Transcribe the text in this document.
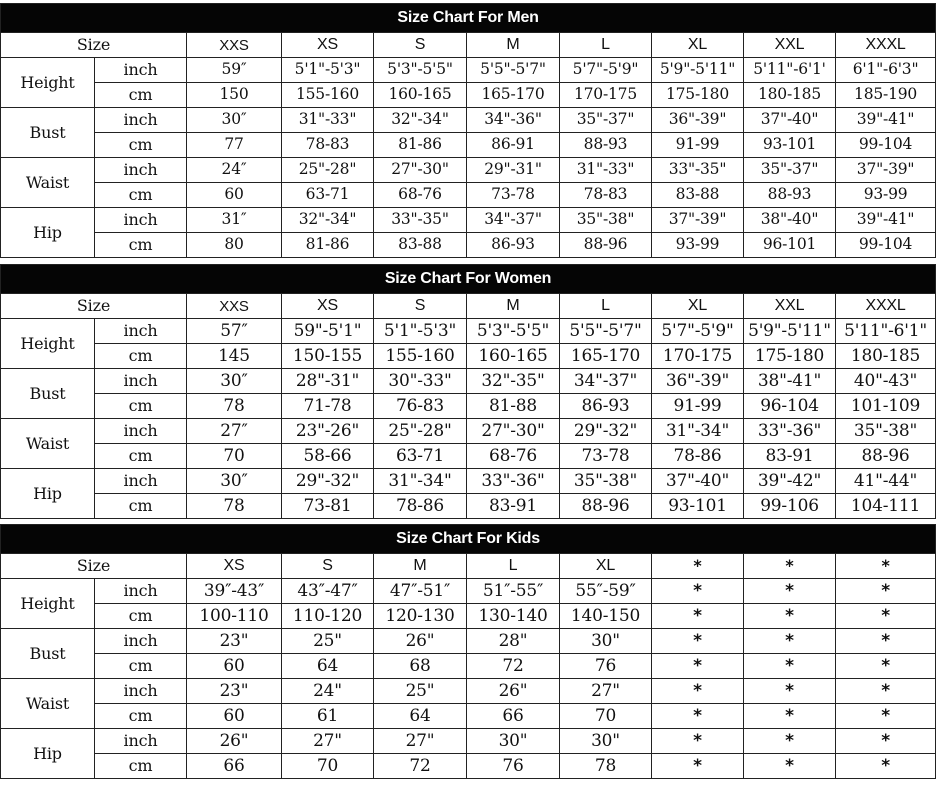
Size Chart For Men									
Size		XXS	XS	S	M	L	XL	XXL	XXXL
Height	inch	59″	5'1"-5'3"	5'3"-5'5"	5'5"-5'7"	5'7"-5'9"	5'9"-5'11"	5'11"-6'1'	6'1"-6'3"
	cm	150	155-160	160-165	165-170	170-175	175-180	180-185	185-190
Bust	inch	30″	31"-33"	32"-34"	34"-36"	35"-37"	36"-39"	37"-40"	39"-41"
	cm	77	78-83	81-86	86-91	88-93	91-99	93-101	99-104
Waist	inch	24″	25"-28"	27"-30"	29"-31"	31"-33"	33"-35"	35"-37"	37"-39"
	cm	60	63-71	68-76	73-78	78-83	83-88	88-93	93-99
Hip	inch	31″	32"-34"	33"-35"	34"-37"	35"-38"	37"-39"	38"-40"	39"-41"
	cm	80	81-86	83-88	86-93	88-96	93-99	96-101	99-104
Size Chart For Women									
Size		XXS	XS	S	M	L	XL	XXL	XXXL
Height	inch	57″	59"-5'1"	5'1"-5'3"	5'3"-5'5"	5'5"-5'7"	5'7"-5'9"	5'9"-5'11"	5'11"-6'1"
	cm	145	150-155	155-160	160-165	165-170	170-175	175-180	180-185
Bust	inch	30″	28"-31"	30"-33"	32"-35"	34"-37"	36"-39"	38"-41"	40"-43"
	cm	78	71-78	76-83	81-88	86-93	91-99	96-104	101-109
Waist	inch	27″	23"-26"	25"-28"	27"-30"	29"-32"	31"-34"	33"-36"	35"-38"
	cm	70	58-66	63-71	68-76	73-78	78-86	83-91	88-96
Hip	inch	30″	29"-32"	31"-34"	33"-36"	35"-38"	37"-40"	39"-42"	41"-44"
	cm	78	73-81	78-86	83-91	88-96	93-101	99-106	104-111
Size Chart For Kids									
Size		XS	S	M	L	XL	*	*	*
Height	inch	39″-43″	43″-47″	47″-51″	51″-55″	55″-59″	*	*	*
	cm	100-110	110-120	120-130	130-140	140-150	*	*	*
Bust	inch	23"	25"	26"	28"	30"	*	*	*
	cm	60	64	68	72	76	*	*	*
Waist	inch	23"	24"	25"	26"	27"	*	*	*
	cm	60	61	64	66	70	*	*	*
Hip	inch	26"	27"	27"	30"	30"	*	*	*
	cm	66	70	72	76	78	*	*	*
